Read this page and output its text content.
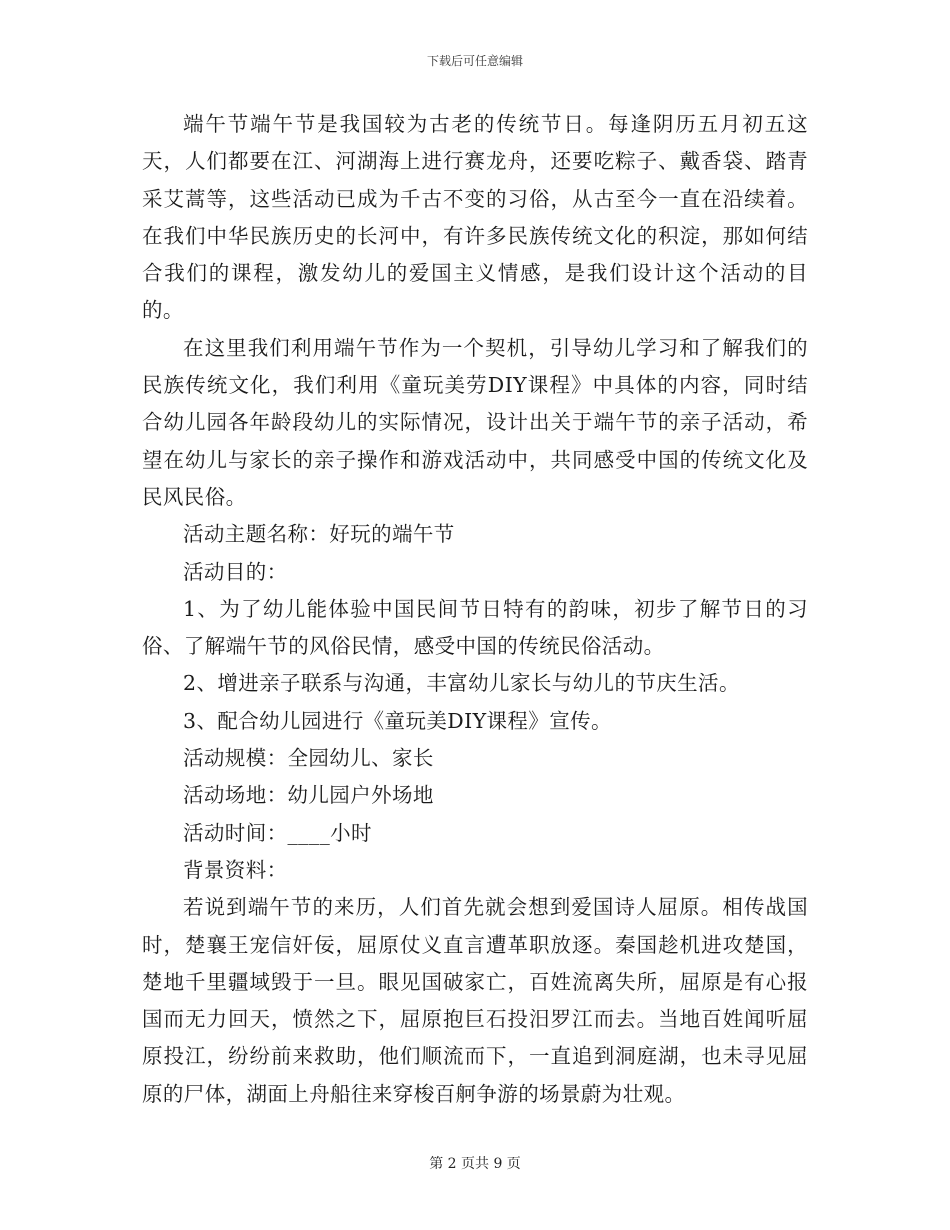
下载后可任意编辑

端午节端午节是我国较为古老的传统节日。每逢阴历五月初五这天，人们都要在江、河湖海上进行赛龙舟，还要吃粽子、戴香袋、踏青采艾蒿等，这些活动已成为千古不变的习俗，从古至今一直在沿续着。在我们中华民族历史的长河中，有许多民族传统文化的积淀，那如何结合我们的课程，激发幼儿的爱国主义情感，是我们设计这个活动的目的。

在这里我们利用端午节作为一个契机，引导幼儿学习和了解我们的民族传统文化，我们利用《童玩美劳DIY课程》中具体的内容，同时结合幼儿园各年龄段幼儿的实际情况，设计出关于端午节的亲子活动，希望在幼儿与家长的亲子操作和游戏活动中，共同感受中国的传统文化及民风民俗。

活动主题名称：好玩的端午节

活动目的：

1、为了幼儿能体验中国民间节日特有的韵味，初步了解节日的习俗、了解端午节的风俗民情，感受中国的传统民俗活动。

2、增进亲子联系与沟通，丰富幼儿家长与幼儿的节庆生活。

3、配合幼儿园进行《童玩美DIY课程》宣传。

活动规模：全园幼儿、家长

活动场地：幼儿园户外场地

活动时间：____小时

背景资料：

若说到端午节的来历，人们首先就会想到爱国诗人屈原。相传战国时，楚襄王宠信奸佞，屈原仗义直言遭革职放逐。秦国趁机进攻楚国，楚地千里疆域毁于一旦。眼见国破家亡，百姓流离失所，屈原是有心报国而无力回天，愤然之下，屈原抱巨石投汨罗江而去。当地百姓闻听屈原投江，纷纷前来救助，他们顺流而下，一直追到洞庭湖，也未寻见屈原的尸体，湖面上舟船往来穿梭百舸争游的场景蔚为壮观。

第 2 页共 9 页
